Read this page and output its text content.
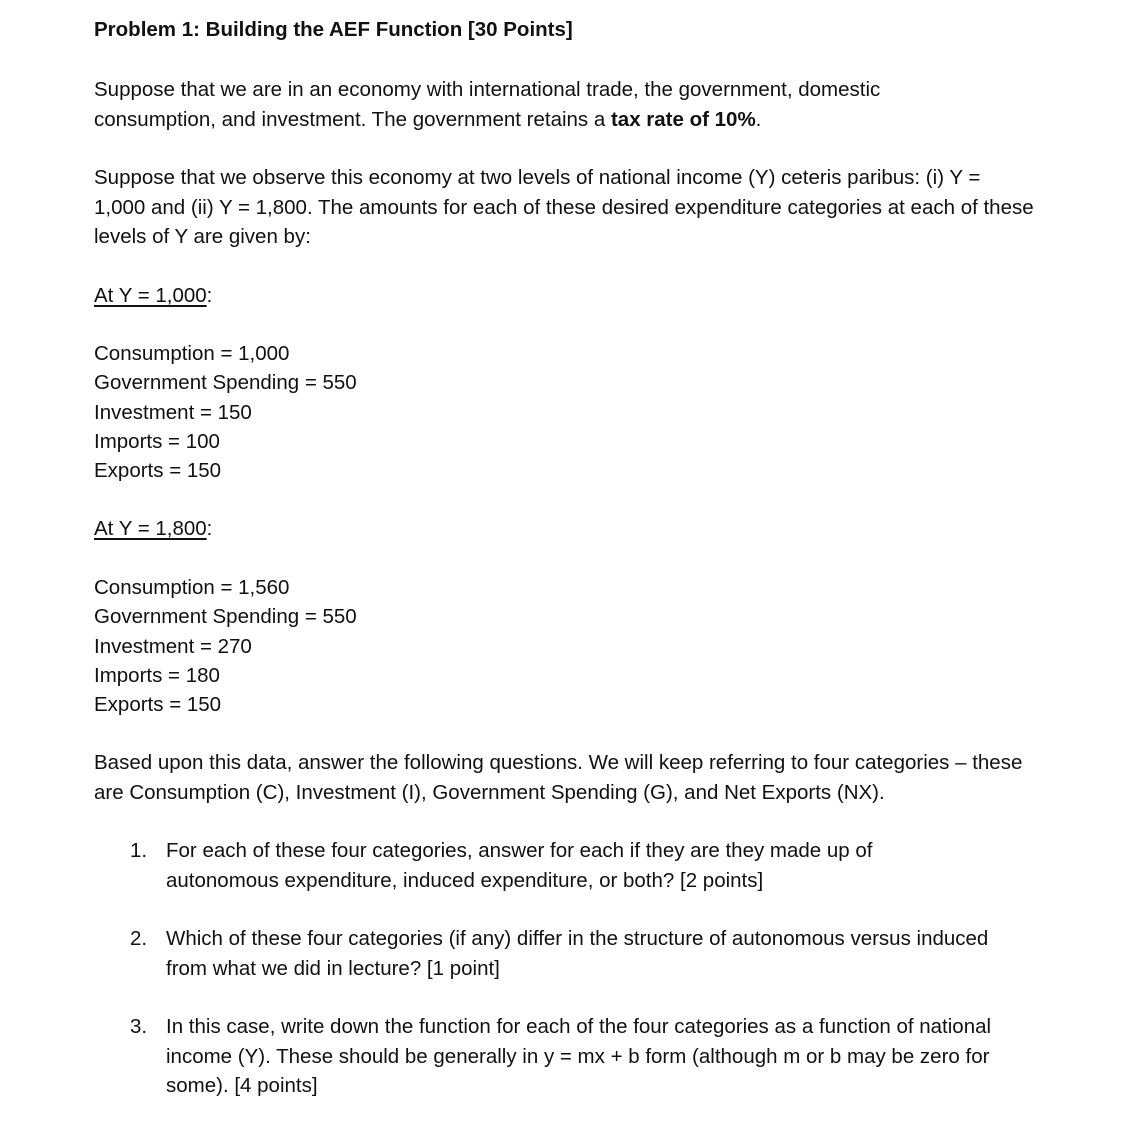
Problem 1: Building the AEF Function [30 Points]

Suppose that we are in an economy with international trade, the government, domestic consumption, and investment. The government retains a tax rate of 10%.

Suppose that we observe this economy at two levels of national income (Y) ceteris paribus: (i) Y = 1,000 and (ii) Y = 1,800. The amounts for each of these desired expenditure categories at each of these levels of Y are given by:

At Y = 1,000:
Consumption = 1,000
Government Spending = 550
Investment = 150
Imports = 100
Exports = 150
At Y = 1,800:
Consumption = 1,560
Government Spending = 550
Investment = 270
Imports = 180
Exports = 150

Based upon this data, answer the following questions. We will keep referring to four categories – these are Consumption (C), Investment (I), Government Spending (G), and Net Exports (NX).

1. For each of these four categories, answer for each if they are they made up of autonomous expenditure, induced expenditure, or both? [2 points]
2. Which of these four categories (if any) differ in the structure of autonomous versus induced from what we did in lecture? [1 point]
3. In this case, write down the function for each of the four categories as a function of national income (Y). These should be generally in y = mx + b form (although m or b may be zero for some). [4 points]
